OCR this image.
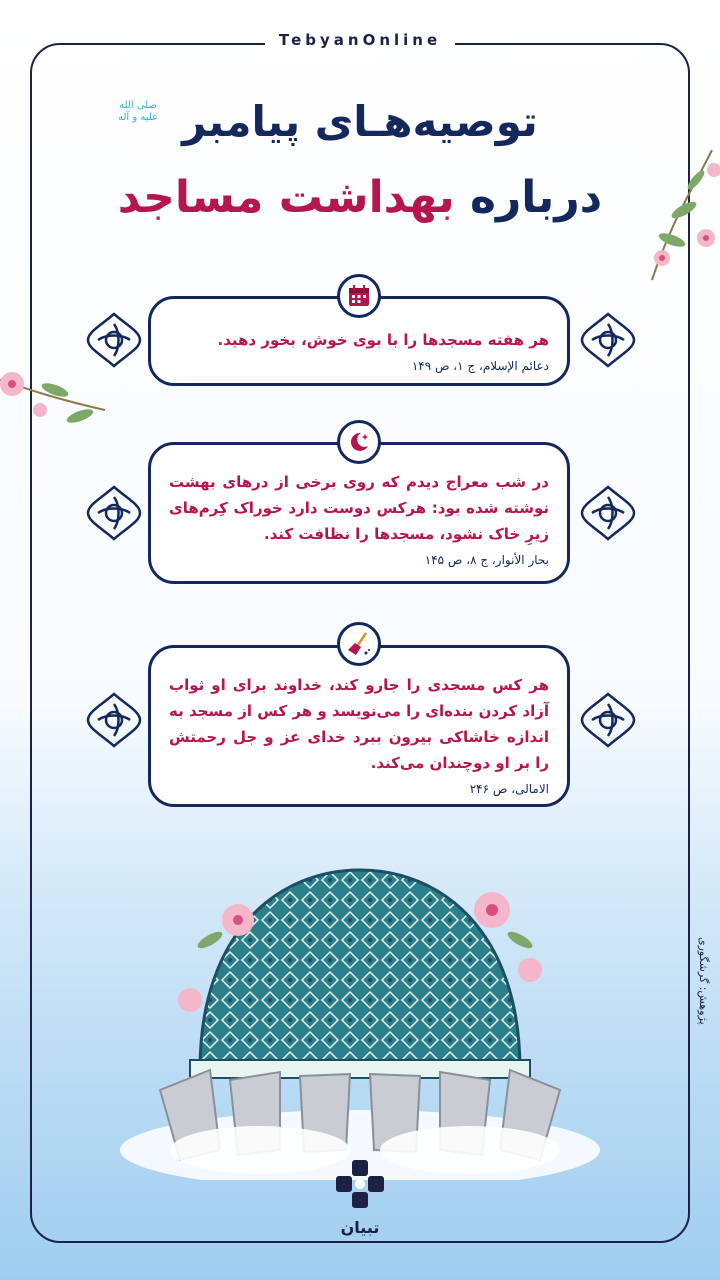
TebyanOnline
توصیه‌هـای پیامبر
صلی الله علیه و آله
درباره بهداشت مساجد
هر هفته مسجدها را با بوی خوش، بخور دهید.
دعائم الإسلام، ج ۱، ص ۱۴۹
در شب معراج دیدم که روی برخی از درهای بهشت نوشته شده بود: هرکس دوست دارد خوراک کِرم‌های زیرِ خاک نشود، مسجدها را نظافت کند.
بحار الأنوار، ج ۸، ص ۱۴۵
هر کس مسجدی را جارو کند، خداوند برای او ثواب آزاد کردن بنده‌ای را می‌نویسد و هر کس از مسجد به اندازه خاشاکی بیرون ببرد خدای عز و جل رحمتش را بر او دوچندان می‌کند.
الامالی، ص ۲۴۶
تبیان
پژوهش: گرشگوری
